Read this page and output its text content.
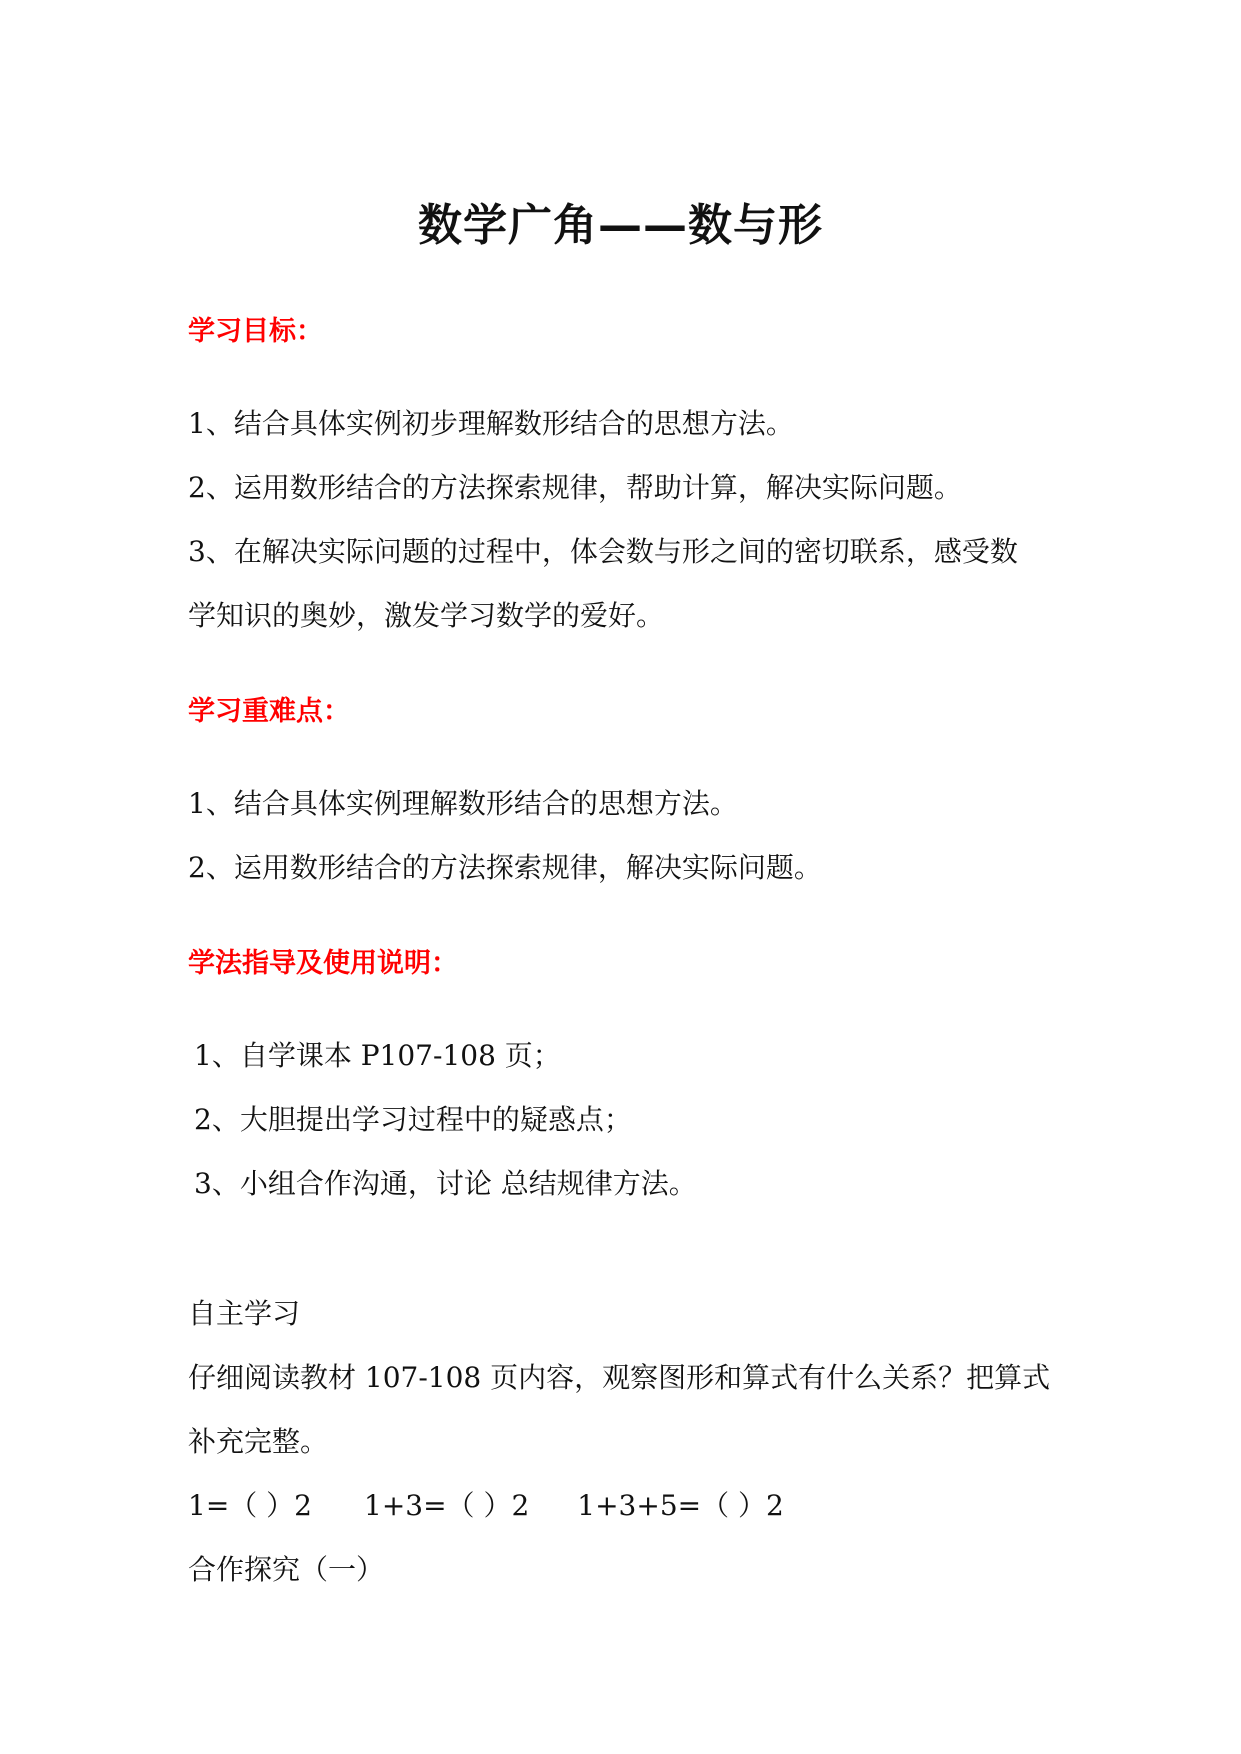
数学广角——数与形
学习目标：
1、结合具体实例初步理解数形结合的思想方法。
2、运用数形结合的方法探索规律，帮助计算，解决实际问题。
3、在解决实际问题的过程中，体会数与形之间的密切联系，感受数
学知识的奥妙，激发学习数学的爱好。
学习重难点：
1、结合具体实例理解数形结合的思想方法。
2、运用数形结合的方法探索规律，解决实际问题。
学法指导及使用说明：
1、自学课本 P107-108 页；
2、大胆提出学习过程中的疑惑点；
3、小组合作沟通，讨论 总结规律方法。
自主学习
仔细阅读教材 107-108 页内容，观察图形和算式有什么关系？把算式
补充完整。
1=（ ）2 1+3=（ ）2 1+3+5=（ ）2
合作探究（一）
